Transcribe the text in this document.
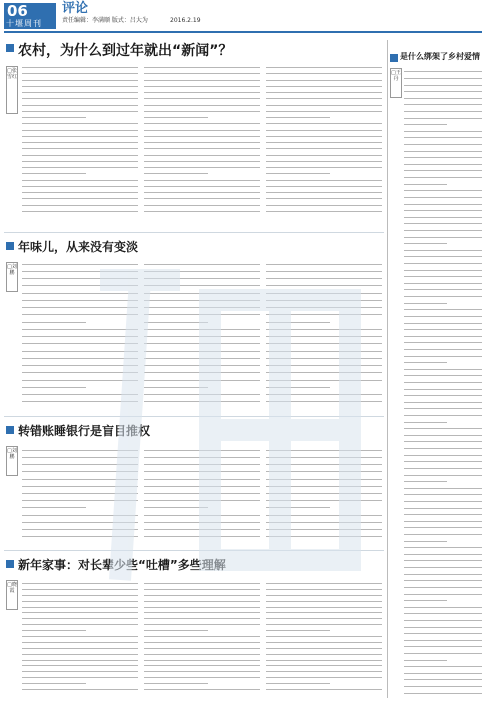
06
十堰周刊
评论
责任编辑：李满顺 版式：吕大为	2016.2.19
农村，为什么到过年就出“新闻”？
□张雪红
年味儿，从来没有变淡
□刘鹏
转错账睡银行是盲目推权
□刘鹏
新年家事：对长辈少些“吐槽”多些理解
□晓霞
是什么绑架了乡村爱情
□王丹
